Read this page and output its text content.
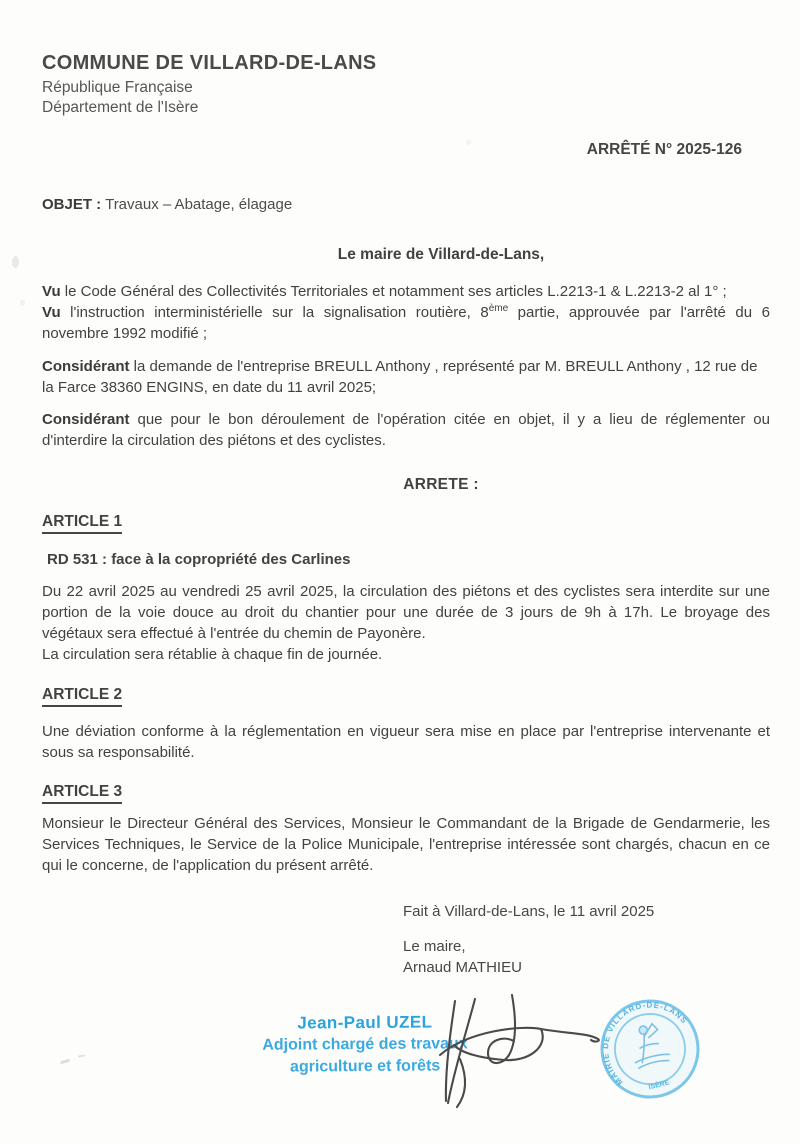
COMMUNE DE VILLARD-DE-LANS
République Française
Département de l'Isère
ARRÊTÉ N° 2025-126

OBJET : Travaux – Abatage, élagage

Le maire de Villard-de-Lans,

Vu le Code Général des Collectivités Territoriales et notamment ses articles L.2213-1 & L.2213-2 al 1° ;

Vu l'instruction interministérielle sur la signalisation routière, 8ème partie, approuvée par l'arrêté du 6 novembre 1992 modifié ;

Considérant la demande de l'entreprise BREULL Anthony , représenté par M. BREULL Anthony , 12 rue de la Farce 38360 ENGINS, en date du 11 avril 2025;

Considérant que pour le bon déroulement de l'opération citée en objet, il y a lieu de réglementer ou d'interdire la circulation des piétons et des cyclistes.

ARRETE :
ARTICLE 1
RD 531 : face à la copropriété des Carlines

Du 22 avril 2025 au vendredi 25 avril 2025, la circulation des piétons et des cyclistes sera interdite sur une portion de la voie douce au droit du chantier pour une durée de 3 jours de 9h à 17h. Le broyage des végétaux sera effectué à l'entrée du chemin de Payonère.

La circulation sera rétablie à chaque fin de journée.

ARTICLE 2

Une déviation conforme à la réglementation en vigueur sera mise en place par l'entreprise intervenante et sous sa responsabilité.

ARTICLE 3

Monsieur le Directeur Général des Services, Monsieur le Commandant de la Brigade de Gendarmerie, les Services Techniques, le Service de la Police Municipale, l'entreprise intéressée sont chargés, chacun en ce qui le concerne, de l'application du présent arrêté.

Fait à Villard-de-Lans, le 11 avril 2025
Le maire,
Arnaud MATHIEU
Jean-Paul UZEL
Adjoint chargé des travaux
agriculture et forêts
MAIRIE DE VILLARD-DE-LANS
ISÈRE
